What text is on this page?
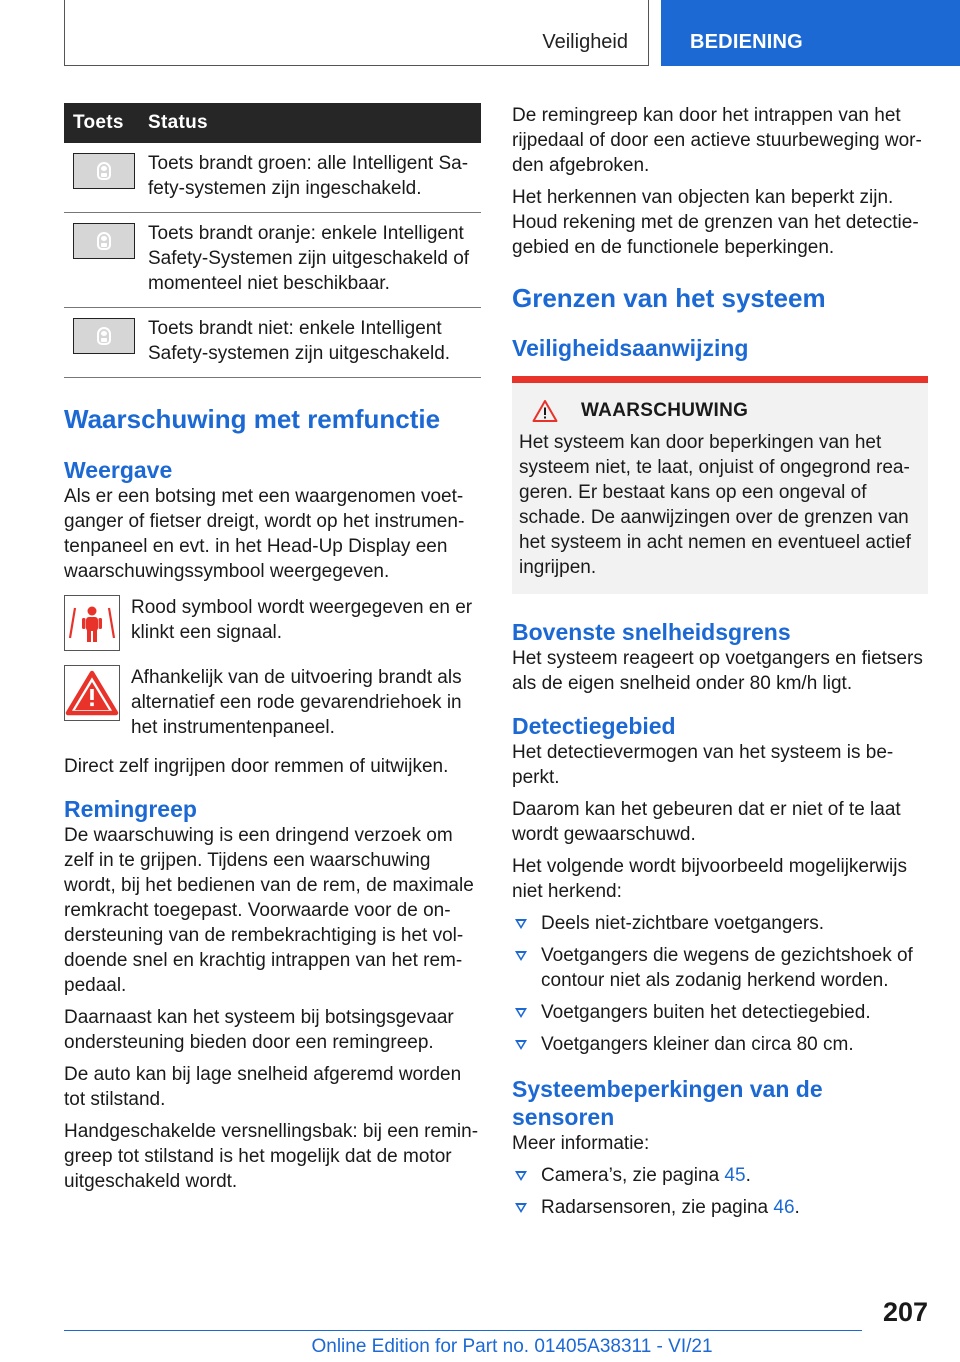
Veiligheid	BEDIENING
Toets	Status

	Toets brandt groen: alle Intelligent Safety-systemen zijn ingeschakeld.

	Toets brandt oranje: enkele Intelligent Safety-Systemen zijn uitgeschakeld of momenteel niet beschikbaar.

	Toets brandt niet: enkele Intelligent Safety-systemen zijn uitgeschakeld.
Waarschuwing met remfunctie
Weergave

Als er een botsing met een waargenomen voetganger of fietser dreigt, wordt op het instrumentenpaneel en evt. in het Head-Up Display een waarschuwingssymbool weergegeven.

Rood symbool wordt weergegeven en er klinkt een signaal.
Afhankelijk van de uitvoering brandt als alternatief een rode gevarendriehoek in het instrumentenpaneel.

Direct zelf ingrijpen door remmen of uitwijken.

Remingreep

De waarschuwing is een dringend verzoek om zelf in te grijpen. Tijdens een waarschuwing wordt, bij het bedienen van de rem, de maximale remkracht toegepast. Voorwaarde voor de ondersteuning van de rembekrachtiging is het voldoende snel en krachtig intrappen van het rempedaal.

Daarnaast kan het systeem bij botsingsgevaar ondersteuning bieden door een remingreep.

De auto kan bij lage snelheid afgeremd worden tot stilstand.

Handgeschakelde versnellingsbak: bij een remingreep tot stilstand is het mogelijk dat de motor uitgeschakeld wordt.

De remingreep kan door het intrappen van het rijpedaal of door een actieve stuurbeweging worden afgebroken.

Het herkennen van objecten kan beperkt zijn. Houd rekening met de grenzen van het detectiegebied en de functionele beperkingen.

Grenzen van het systeem
Veiligheidsaanwijzing
WAARSCHUWING

Het systeem kan door beperkingen van het systeem niet, te laat, onjuist of ongegrond reageren. Er bestaat kans op een ongeval of schade. De aanwijzingen over de grenzen van het systeem in acht nemen en eventueel actief ingrijpen.

Bovenste snelheidsgrens

Het systeem reageert op voetgangers en fietsers als de eigen snelheid onder 80 km/h ligt.

Detectiegebied

Het detectievermogen van het systeem is beperkt.

Daarom kan het gebeuren dat er niet of te laat wordt gewaarschuwd.

Het volgende wordt bijvoorbeeld mogelijkerwijs niet herkend:

Deels niet-zichtbare voetgangers.
Voetgangers die wegens de gezichtshoek of contour niet als zodanig herkend worden.
Voetgangers buiten het detectiegebied.
Voetgangers kleiner dan circa 80 cm.
Systeembeperkingen van de sensoren

Meer informatie:

Camera’s, zie pagina 45.
Radarsensoren, zie pagina 46.
207
Online Edition for Part no. 01405A38311 - VI/21
